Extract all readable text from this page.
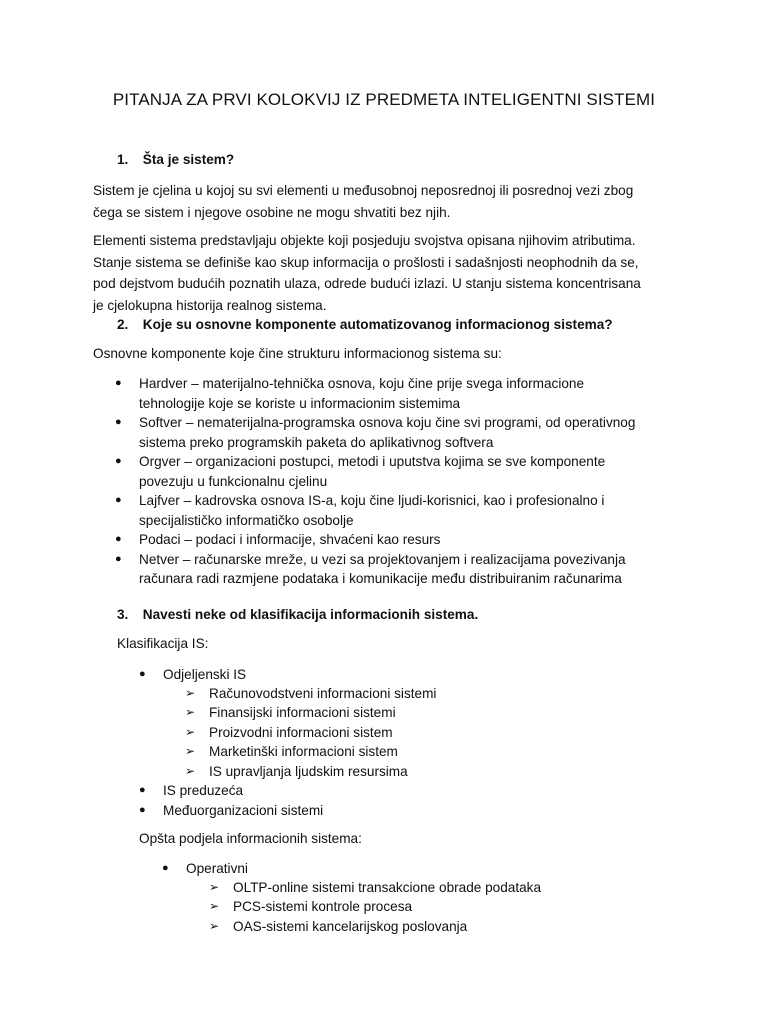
PITANJA ZA PRVI KOLOKVIJ IZ PREDMETA INTELIGENTNI SISTEMI
1. Šta je sistem?
Sistem je cjelina u kojoj su svi elementi u međusobnoj neposrednoj ili posrednoj vezi zbog
čega se sistem i njegove osobine ne mogu shvatiti bez njih.
Elementi sistema predstavljaju objekte koji posjeduju svojstva opisana njihovim atributima.
Stanje sistema se definiše kao skup informacija o prošlosti i sadašnjosti neophodnih da se,
pod dejstvom budućih poznatih ulaza, odrede budući izlazi. U stanju sistema koncentrisana
je cjelokupna historija realnog sistema.
2. Koje su osnovne komponente automatizovanog informacionog sistema?
Osnovne komponente koje čine strukturu informacionog sistema su:
● Hardver – materijalno-tehnička osnova, koju čine prije svega informacione
tehnologije koje se koriste u informacionim sistemima
● Softver – nematerijalna-programska osnova koju čine svi programi, od operativnog
sistema preko programskih paketa do aplikativnog softvera
● Orgver – organizacioni postupci, metodi i uputstva kojima se sve komponente
povezuju u funkcionalnu cjelinu
● Lajfver – kadrovska osnova IS-a, koju čine ljudi-korisnici, kao i profesionalno i
specijalističko informatičko osobolje
● Podaci – podaci i informacije, shvaćeni kao resurs
● Netver – računarske mreže, u vezi sa projektovanjem i realizacijama povezivanja
računara radi razmjene podataka i komunikacije među distribuiranim računarima
3. Navesti neke od klasifikacija informacionih sistema.
Klasifikacija IS:
● Odjeljenski IS
➢ Računovodstveni informacioni sistemi
➢ Finansijski informacioni sistemi
➢ Proizvodni informacioni sistem
➢ Marketinški informacioni sistem
➢ IS upravljanja ljudskim resursima
● IS preduzeća
● Međuorganizacioni sistemi
Opšta podjela informacionih sistema:
● Operativni
➢ OLTP-online sistemi transakcione obrade podataka
➢ PCS-sistemi kontrole procesa
➢ OAS-sistemi kancelarijskog poslovanja
